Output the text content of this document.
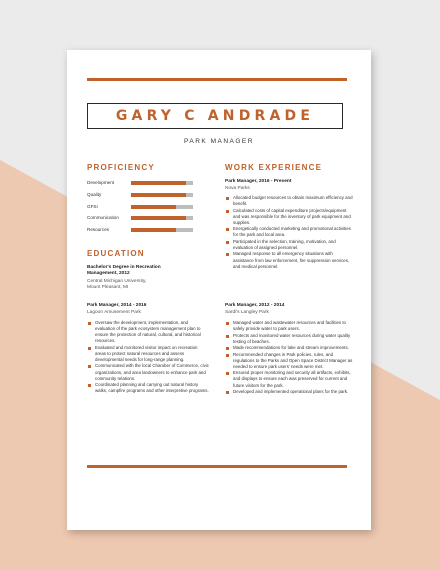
GARY C ANDRADE
PARK MANAGER
PROFICIENCY
Development
Quality
GFSI
Communication
Resources
EDUCATION
Bachelor's Degree in Recreation
Management, 2012
Central Michigan University,
Mount Pleasant, MI
Park Manager, 2014 - 2016
Lagoon Amusement Park
Oversaw the development, implementation, and evaluation of the park ecosystem management plan to ensure the protection of natural, cultural, and historical resources.
Evaluated and monitored visitor impact on recreation areas to protect natural resources and assess developmental needs for long-range planning.
Communicated with the local Chamber of Commerce, civic organizations, and area landowners to enhance park and community relations.
Coordinated planning and carrying out natural history walks, campfire programs and other interpretive programs.
WORK EXPERIENCE
Park Manager, 2016 - Present
Nova Parks
Allocated budget resources to obtain maximum efficiency and benefit.
Calculated costs of capital expenditure projects/equipment and was responsible for the inventory of park equipment and supplies.
Energetically conducted marketing and promotional activities for the park and local area.
Participated in the selection, training, motivation, and evaluation of assigned personnel.
Managed response to all emergency situations with assistance from law enforcement, fire suppression services, and medical personnel.
Park Manager, 2012 - 2014
Sardi's Langley Park
Managed water and wastewater resources and facilities to safely provide water to park users.
Protects and monitored water resources during water quality testing of beaches.
Made recommendations for lake and stream improvements.
Recommended changes in Park policies, rules, and regulations to the Parks and Open Space District Manager as needed to ensure park users' needs were met.
Ensured proper monitoring and security all artifacts, exhibits, and displays to ensure each was preserved for current and future visitors for the park.
Developed and implemented operational plans for the park.
